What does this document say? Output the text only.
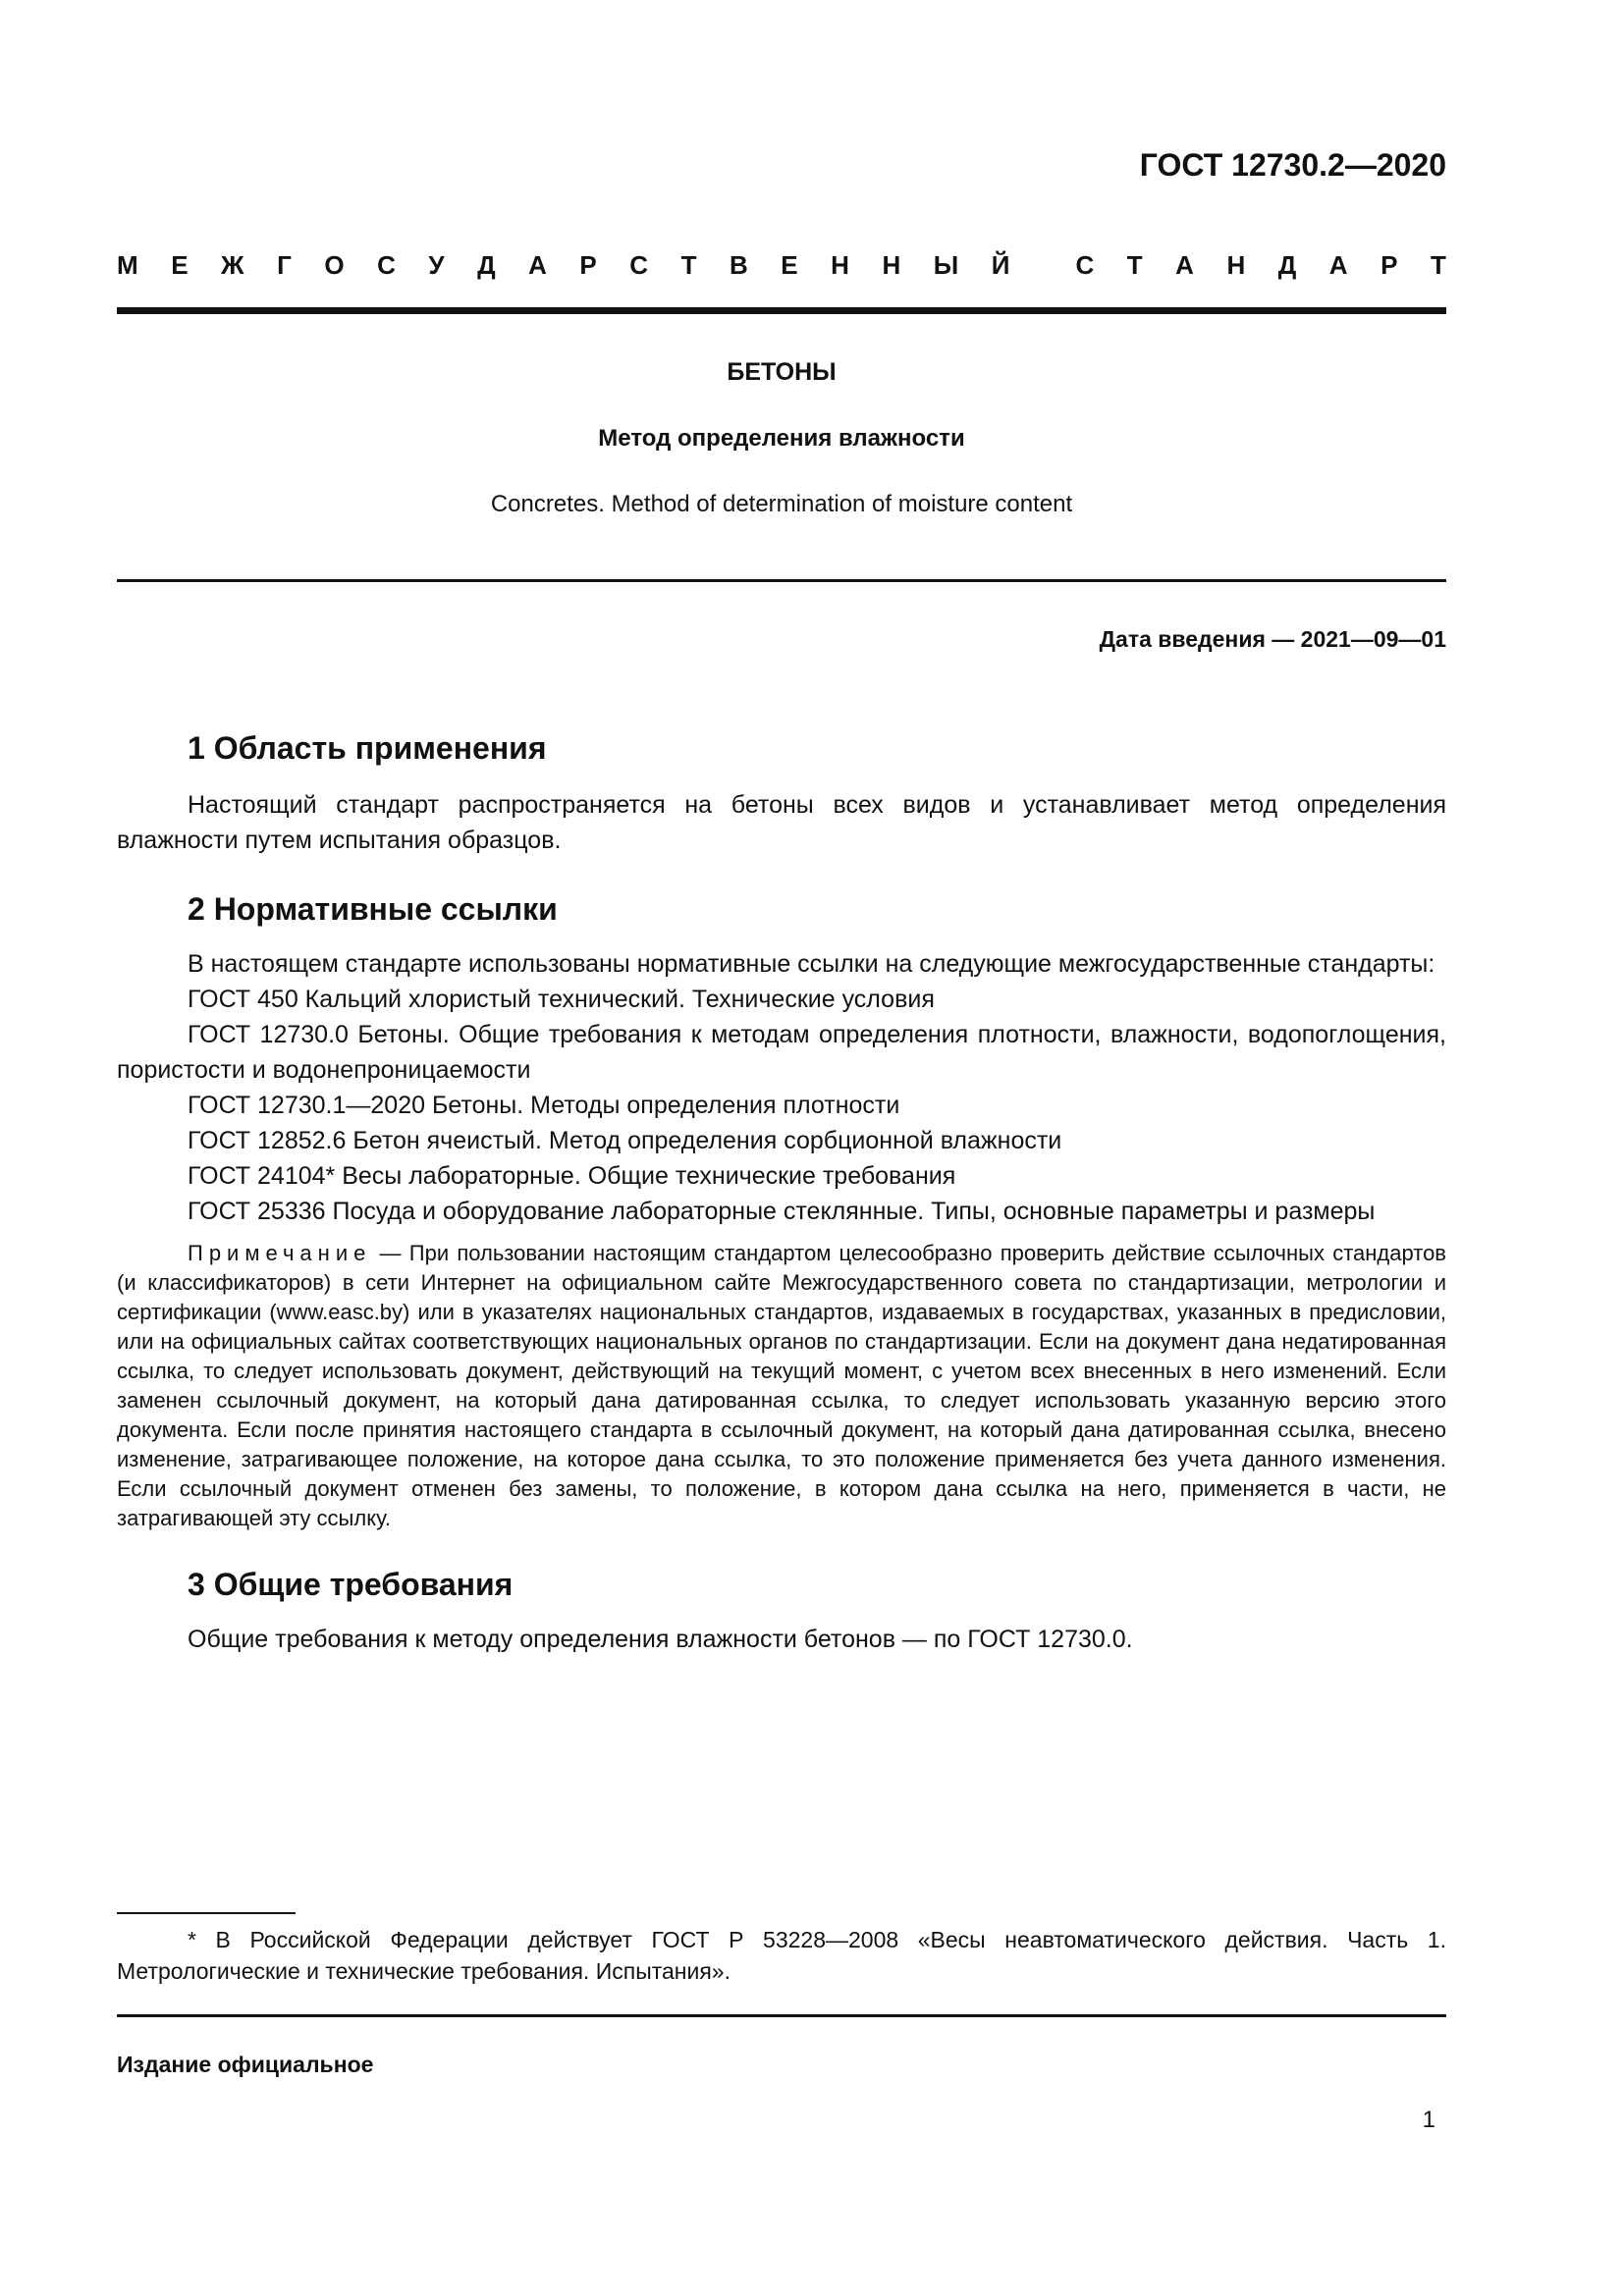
ГОСТ 12730.2—2020
М Е Ж Г О С У Д А Р С Т В Е Н Н Ы Й	С Т А Н Д А Р Т
БЕТОНЫ
Метод определения влажности
Concretes. Method of determination of moisture content
Дата введения — 2021—09—01
1 Область применения

Настоящий стандарт распространяется на бетоны всех видов и устанавливает метод определения влажности путем испытания образцов.

2 Нормативные ссылки

В настоящем стандарте использованы нормативные ссылки на следующие межгосударственные стандарты:

ГОСТ 450 Кальций хлористый технический. Технические условия

ГОСТ 12730.0 Бетоны. Общие требования к методам определения плотности, влажности, водопоглощения, пористости и водонепроницаемости

ГОСТ 12730.1—2020 Бетоны. Методы определения плотности

ГОСТ 12852.6 Бетон ячеистый. Метод определения сорбционной влажности

ГОСТ 24104* Весы лабораторные. Общие технические требования

ГОСТ 25336 Посуда и оборудование лабораторные стеклянные. Типы, основные параметры и размеры

Примечание — При пользовании настоящим стандартом целесообразно проверить действие ссылочных стандартов (и классификаторов) в сети Интернет на официальном сайте Межгосударственного совета по стандартизации, метрологии и сертификации (www.easc.by) или в указателях национальных стандартов, издаваемых в государствах, указанных в предисловии, или на официальных сайтах соответствующих национальных органов по стандартизации. Если на документ дана недатированная ссылка, то следует использовать документ, действующий на текущий момент, с учетом всех внесенных в него изменений. Если заменен ссылочный документ, на который дана датированная ссылка, то следует использовать указанную версию этого документа. Если после принятия настоящего стандарта в ссылочный документ, на который дана датированная ссылка, внесено изменение, затрагивающее положение, на которое дана ссылка, то это положение применяется без учета данного изменения. Если ссылочный документ отменен без замены, то положение, в котором дана ссылка на него, применяется в части, не затрагивающей эту ссылку.

3 Общие требования

Общие требования к методу определения влажности бетонов — по ГОСТ 12730.0.

* В Российской Федерации действует ГОСТ Р 53228—2008 «Весы неавтоматического действия. Часть 1. Метрологические и технические требования. Испытания».

Издание официальное
1
